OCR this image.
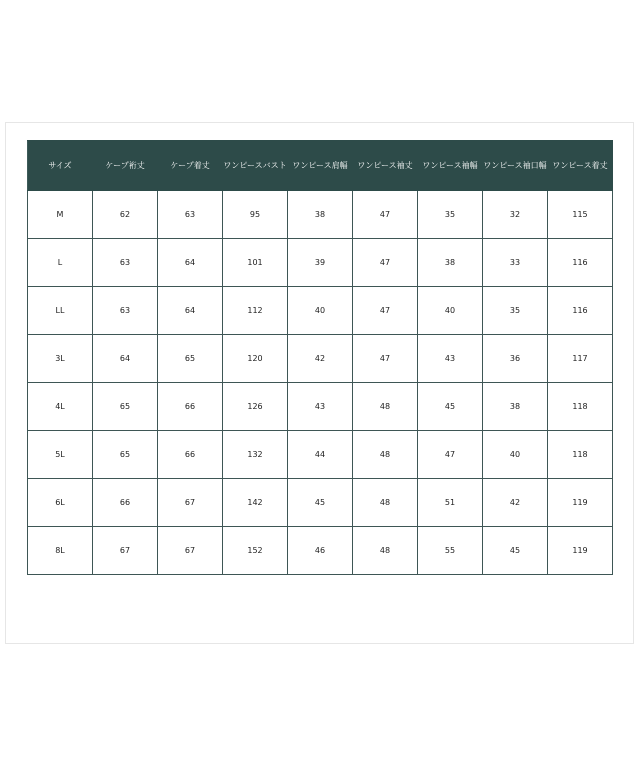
サイズ	ケープ裄丈	ケープ着丈	ワンピースバスト	ワンピース肩幅	ワンピース袖丈	ワンピース袖幅	ワンピース袖口幅	ワンピース着丈
M	62	63	95	38	47	35	32	115
L	63	64	101	39	47	38	33	116
LL	63	64	112	40	47	40	35	116
3L	64	65	120	42	47	43	36	117
4L	65	66	126	43	48	45	38	118
5L	65	66	132	44	48	47	40	118
6L	66	67	142	45	48	51	42	119
8L	67	67	152	46	48	55	45	119
